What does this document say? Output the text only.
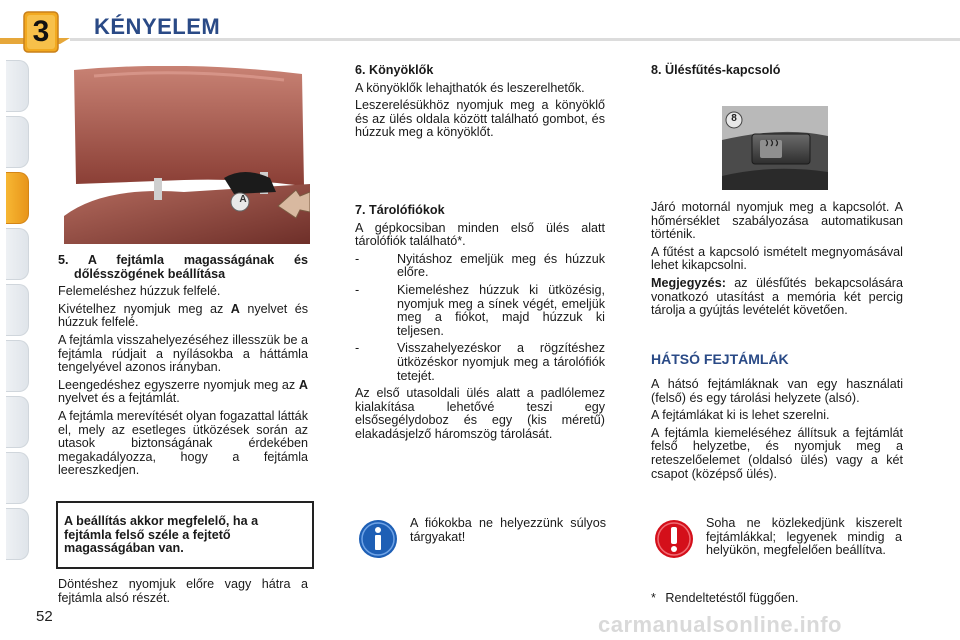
3	KÉNYELEM
A

5. A fejtámla magasságának és dőlésszögének beállítása

Felemeléshez húzzuk felfelé.

Kivételhez nyomjuk meg az A nyelvet és húzzuk felfelé.

A fejtámla visszahelyezéséhez illesszük be a fejtámla rúdjait a nyílásokba a háttámla tengelyével azonos irányban.

Leengedéshez egyszerre nyomjuk meg az A nyelvet és a fejtámlát.

A fejtámla merevítését olyan fogazattal látták el, mely az esetleges ütközések során az utasok biztonságának érdekében megakadályozza, hogy a fejtámla leereszkedjen.

A beállítás akkor megfelelő, ha a fejtámla felső széle a fejtető magasságában van.

Döntéshez nyomjuk előre vagy hátra a fejtámla alsó részét.

6. Könyöklők

A könyöklők lehajthatók és leszerelhetők.

Leszerelésükhöz nyomjuk meg a könyöklő és az ülés oldala között található gombot, és húzzuk meg a könyöklőt.

7. Tárolófiókok

A gépkocsiban minden első ülés alatt tárolófiók található*.

-	Nyitáshoz emeljük meg és húzzuk előre.
-	Kiemeléshez húzzuk ki ütközésig, nyomjuk meg a sínek végét, emeljük meg a fiókot, majd húzzuk ki teljesen.
-	Visszahelyezéskor a rögzítéshez ütközéskor nyomjuk meg a tárolófiók tetejét.

Az első utasoldali ülés alatt a padlólemez kialakítása lehetővé teszi egy elsősegélydoboz és egy (kis méretű) elakadásjelző háromszög tárolását.

A fiókokba ne helyezzünk súlyos tárgyakat!

8. Ülésfűtés-kapcsoló

8

Járó motornál nyomjuk meg a kapcsolót. A hőmérséklet szabályozása automatikusan történik.

A fűtést a kapcsoló ismételt megnyomásával lehet kikapcsolni.

Megjegyzés: az ülésfűtés bekapcsolására vonatkozó utasítást a memória két percig tárolja a gyújtás levételét követően.

HÁTSÓ FEJTÁMLÁK

A hátsó fejtámláknak van egy használati (felső) és egy tárolási helyzete (alsó).

A fejtámlákat ki is lehet szerelni.

A fejtámla kiemeléséhez állítsuk a fejtámlát felső helyzetbe, és nyomjuk meg a reteszelőelemet (oldalsó ülés) vagy a két csapot (középső ülés).

Soha ne közlekedjünk kiszerelt fejtámlákkal; legyenek mindig a helyükön, megfelelően beállítva.

* Rendeltetéstől függően.
52	carmanualsonline.info
